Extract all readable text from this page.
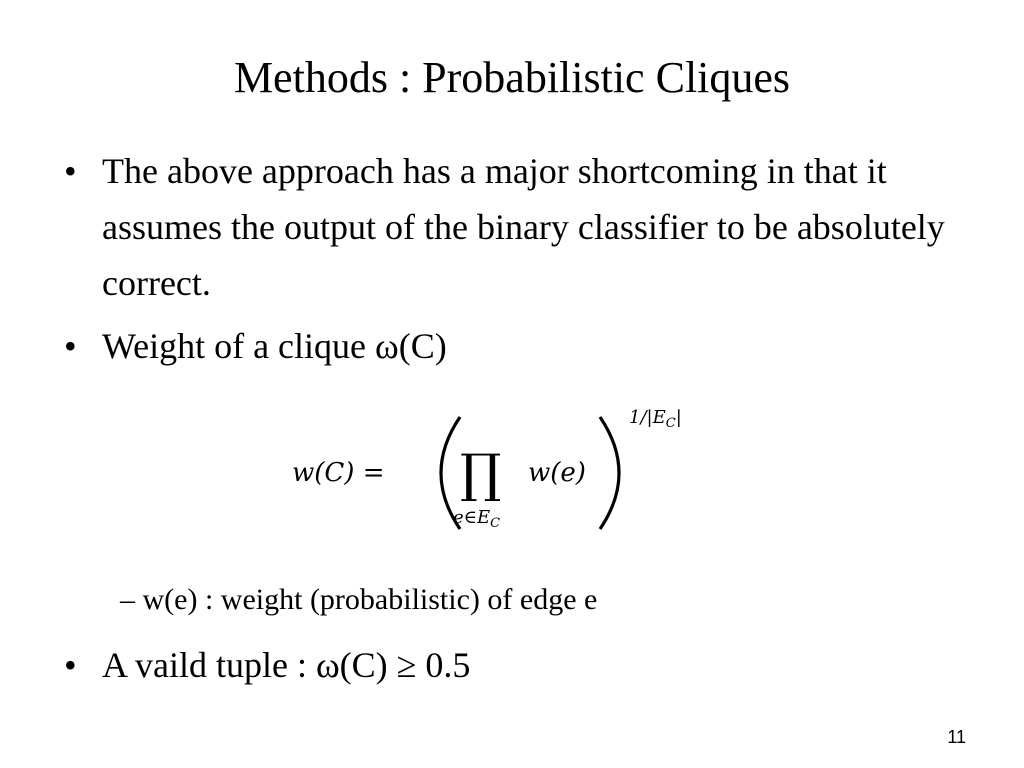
Methods : Probabilistic Cliques
• The above approach has a major shortcoming in that it assumes the output of the binary classifier to be absolutely correct.
• Weight of a clique ω(C)
w(C) = ∏
$e\in E_C$
w(e)
$1/|E_C|$
– w(e) : weight (probabilistic) of edge e
• A vaild tuple : ω(C) ≥ 0.5
11
